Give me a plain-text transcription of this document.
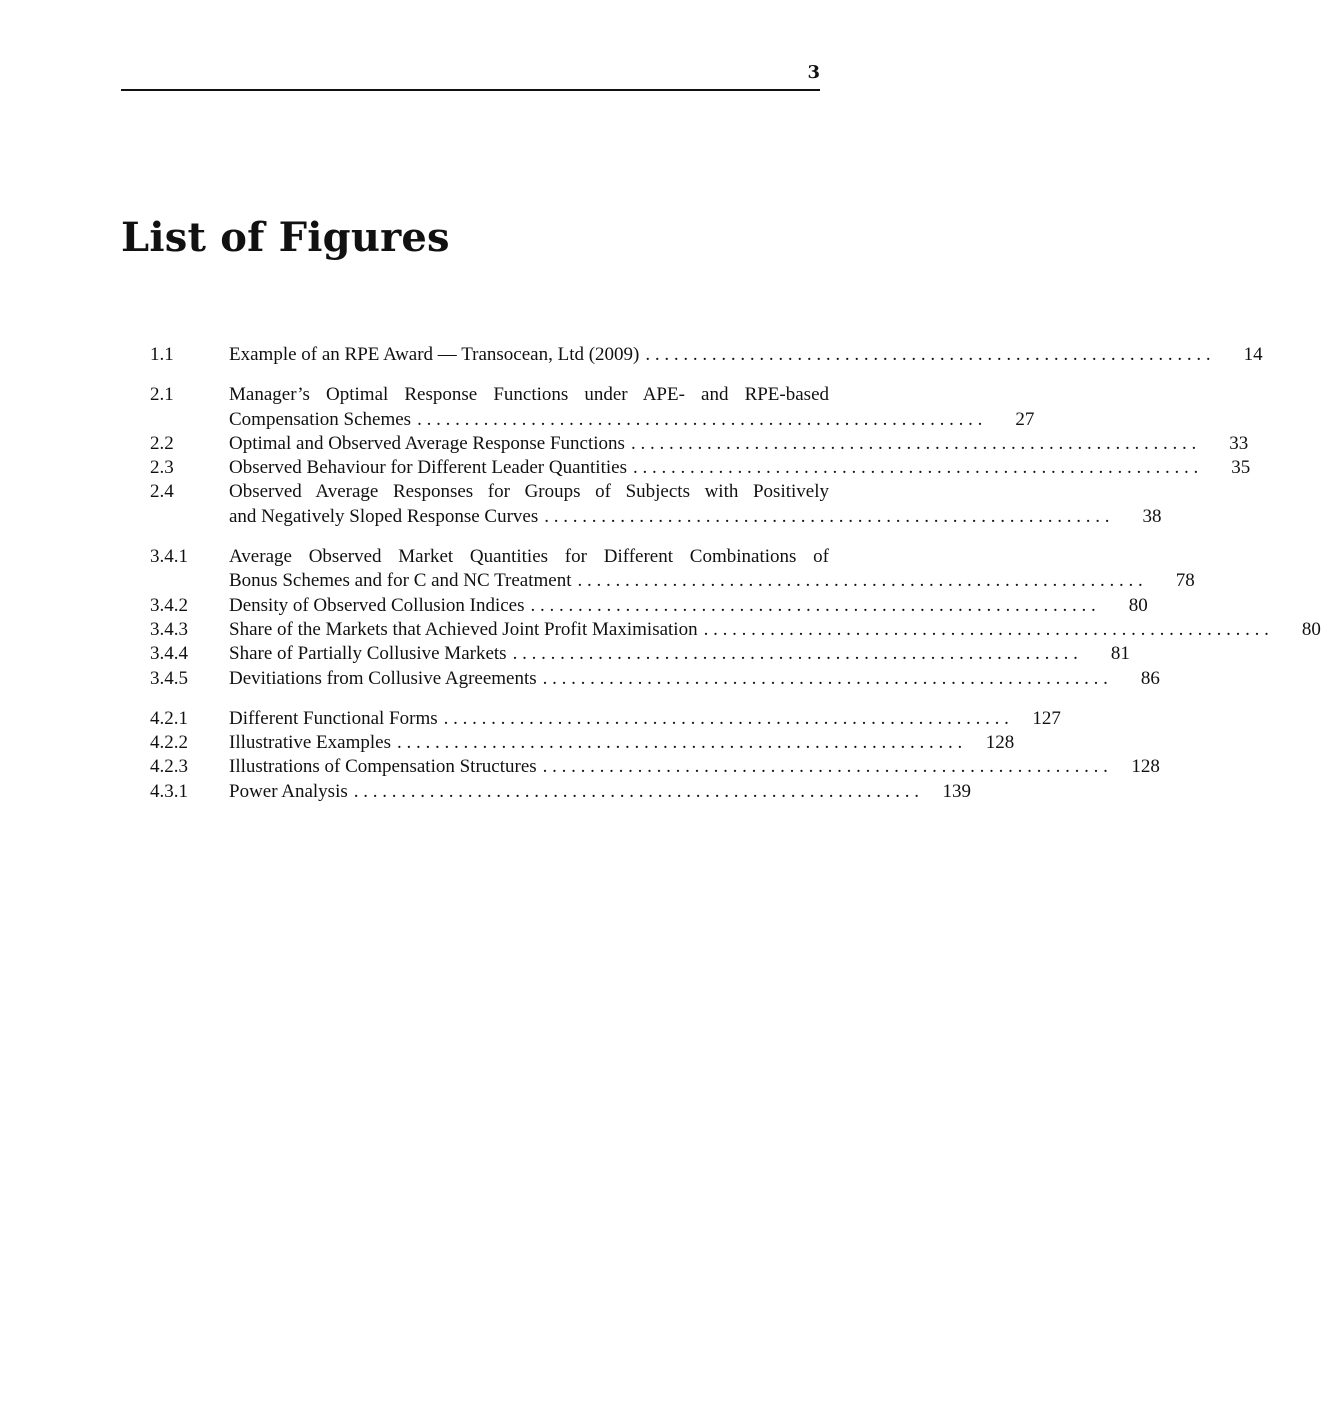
3
List of Figures
1.1	Example of an RPE Award — Transocean, Ltd (2009) . . . . . . . . . . . . . . . . . . . . . . . . . . . . . . . . . . . . . . . . . . . . . . . . . . . . . . . . . . . .	14
2.1	Manager’s Optimal Response Functions under APE- and RPE-based
Compensation Schemes . . . . . . . . . . . . . . . . . . . . . . . . . . . . . . . . . . . . . . . . . . . . . . . . . . . . . . . . . . . .	27
2.2	Optimal and Observed Average Response Functions . . . . . . . . . . . . . . . . . . . . . . . . . . . . . . . . . . . . . . . . . . . . . . . . . . . . . . . . . . . .	33
2.3	Observed Behaviour for Different Leader Quantities . . . . . . . . . . . . . . . . . . . . . . . . . . . . . . . . . . . . . . . . . . . . . . . . . . . . . . . . . . . .	35
2.4	Observed Average Responses for Groups of Subjects with Positively
and Negatively Sloped Response Curves . . . . . . . . . . . . . . . . . . . . . . . . . . . . . . . . . . . . . . . . . . . . . . . . . . . . . . . . . . . .	38
3.4.1	Average Observed Market Quantities for Different Combinations of
Bonus Schemes and for C and NC Treatment . . . . . . . . . . . . . . . . . . . . . . . . . . . . . . . . . . . . . . . . . . . . . . . . . . . . . . . . . . . .	78
3.4.2	Density of Observed Collusion Indices . . . . . . . . . . . . . . . . . . . . . . . . . . . . . . . . . . . . . . . . . . . . . . . . . . . . . . . . . . . .	80
3.4.3	Share of the Markets that Achieved Joint Profit Maximisation . . . . . . . . . . . . . . . . . . . . . . . . . . . . . . . . . . . . . . . . . . . . . . . . . . . . . . . . . . . .	80
3.4.4	Share of Partially Collusive Markets . . . . . . . . . . . . . . . . . . . . . . . . . . . . . . . . . . . . . . . . . . . . . . . . . . . . . . . . . . . .	81
3.4.5	Devitiations from Collusive Agreements . . . . . . . . . . . . . . . . . . . . . . . . . . . . . . . . . . . . . . . . . . . . . . . . . . . . . . . . . . . .	86
4.2.1	Different Functional Forms . . . . . . . . . . . . . . . . . . . . . . . . . . . . . . . . . . . . . . . . . . . . . . . . . . . . . . . . . . . .	127
4.2.2	Illustrative Examples . . . . . . . . . . . . . . . . . . . . . . . . . . . . . . . . . . . . . . . . . . . . . . . . . . . . . . . . . . . .	128
4.2.3	Illustrations of Compensation Structures . . . . . . . . . . . . . . . . . . . . . . . . . . . . . . . . . . . . . . . . . . . . . . . . . . . . . . . . . . . .	128
4.3.1	Power Analysis . . . . . . . . . . . . . . . . . . . . . . . . . . . . . . . . . . . . . . . . . . . . . . . . . . . . . . . . . . . .	139
